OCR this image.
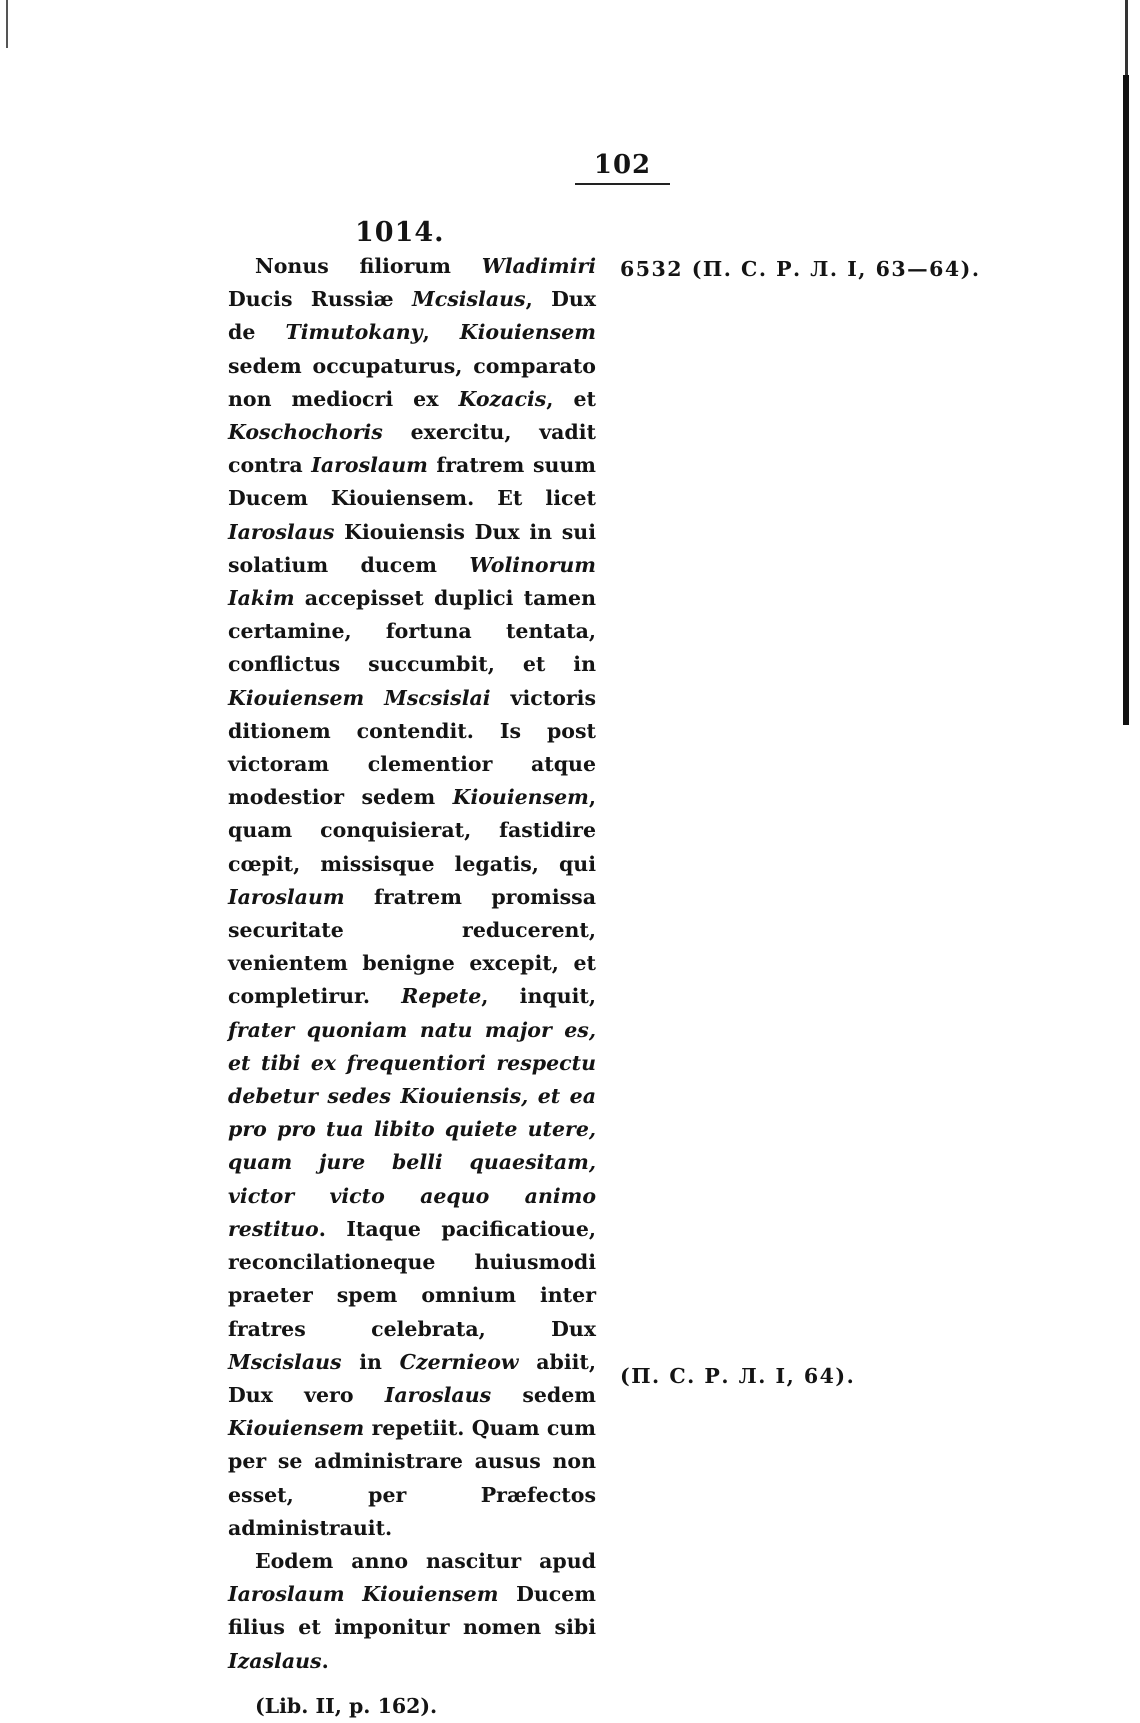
102
1014.

Nonus filiorum Wladimiri Ducis Russiæ Mcsislaus, Dux de Timutokany, Kiouiensem sedem occupaturus, comparato non mediocri ex Kozacis, et Koschochoris exercitu, vadit contra Iaroslaum fratrem suum Ducem Kiouiensem. Et licet Iaroslaus Kiouiensis Dux in sui solatium ducem Wolinorum Iakim accepisset duplici tamen certamine, fortuna tentata, conflictus succumbit, et in Kiouiensem Mscsislai victoris ditionem contendit. Is post victoram clementior atque modestior sedem Kiouiensem, quam conquisierat, fastidire cœpit, missisque legatis, qui Iaroslaum fratrem promissa securitate reducerent, venientem benigne excepit, et completirur. Repete, inquit, frater quoniam natu major es, et tibi ex frequentiori respectu debetur sedes Kiouiensis, et ea pro pro tua libito quiete utere, quam jure belli quaesitam, victor victo aequo animo restituo. Itaque pacificatioue, reconcilationeque huiusmodi praeter spem omnium inter fratres celebrata, Dux Mscislaus in Czernieow abiit, Dux vero Iaroslaus sedem Kiouiensem repetiit. Quam cum per se administrare ausus non esset, per Præfectos administrauit.

Eodem anno nascitur apud Iaroslaum Kiouiensem Ducem filius et imponitur nomen sibi Izaslaus.

(Lib. II, p. 162).

6532 (П. С. Р. Л. I, 63—64).
(П. С. Р. Л. I, 64).
